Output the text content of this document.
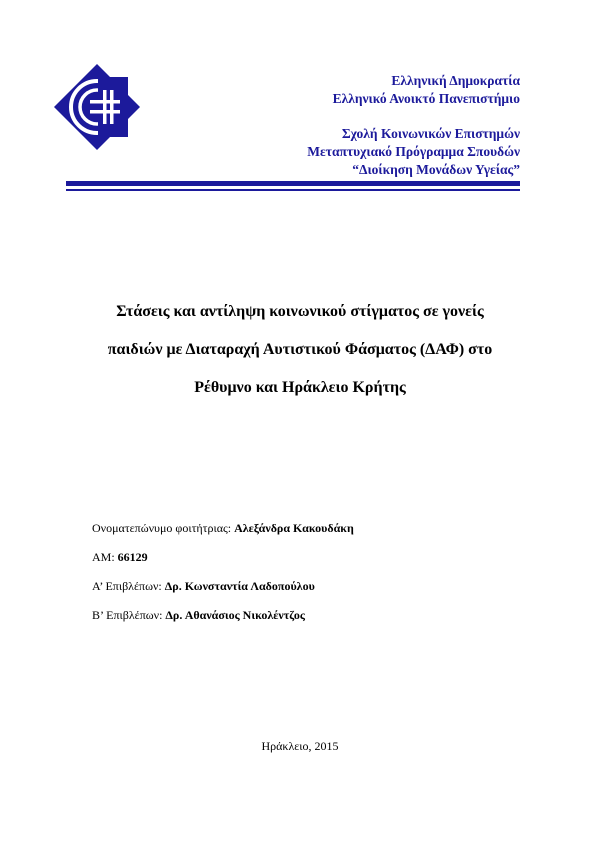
Ελληνική Δημοκρατία
Ελληνικό Ανοικτό Πανεπιστήμιο
Σχολή Κοινωνικών Επιστημών
Μεταπτυχιακό Πρόγραμμα Σπουδών
“Διοίκηση Μονάδων Υγείας”
Στάσεις και αντίληψη κοινωνικού στίγματος σε γονείς
παιδιών με Διαταραχή Αυτιστικού Φάσματος (ΔΑΦ) στο
Ρέθυμνο και Ηράκλειο Κρήτης
Ονοματεπώνυμο φοιτήτριας: Αλεξάνδρα Κακουδάκη
ΑΜ: 66129
Α’ Επιβλέπων: Δρ. Κωνσταντία Λαδοπούλου
Β’ Επιβλέπων: Δρ. Αθανάσιος Νικολέντζος
Ηράκλειο, 2015
